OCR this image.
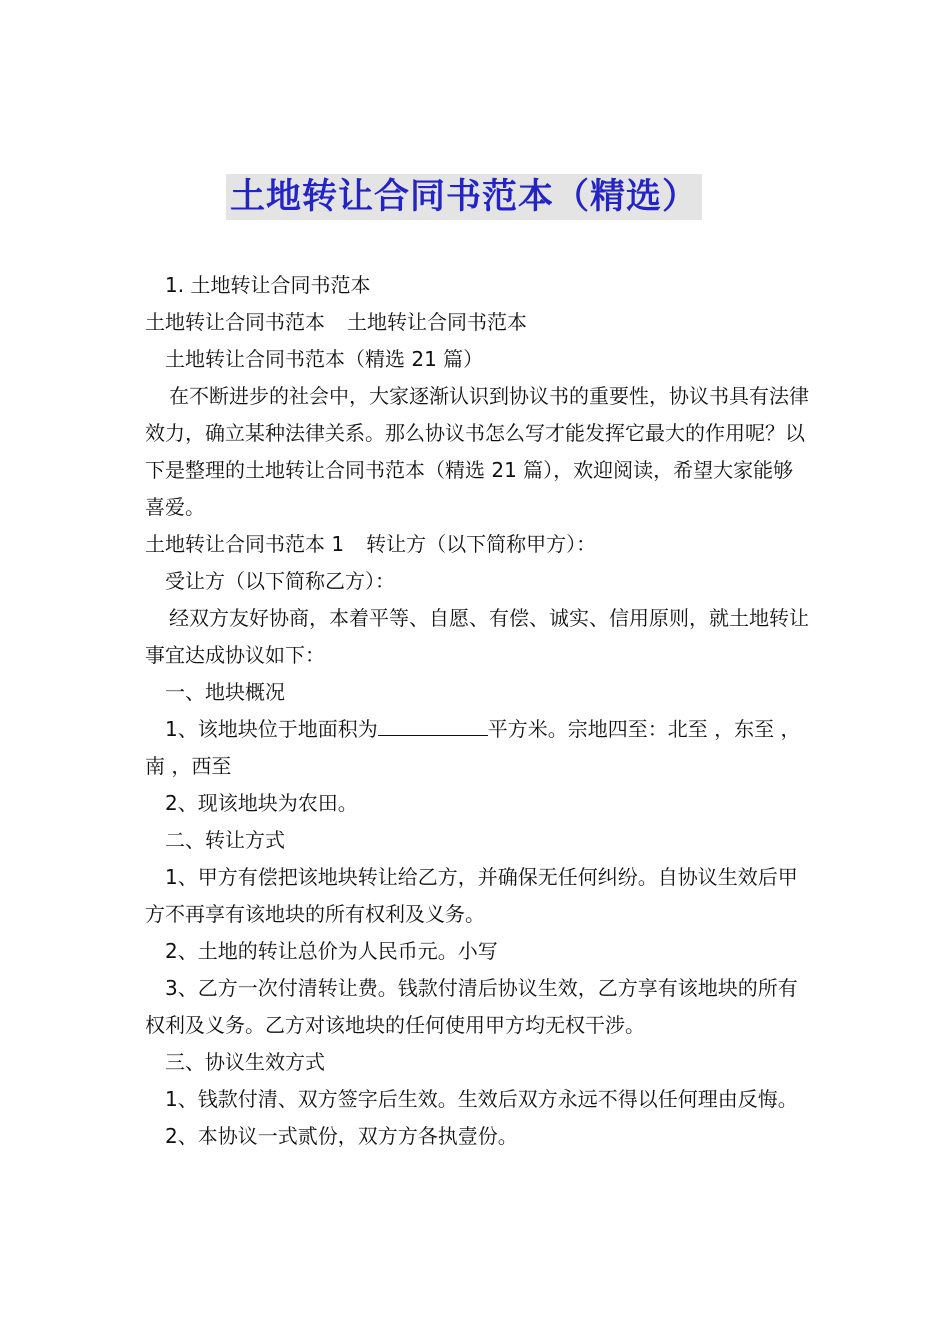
土地转让合同书范本（精选）

1. 土地转让合同书范本

土地转让合同书范本 土地转让合同书范本

土地转让合同书范本（精选 21 篇）

在不断进步的社会中，大家逐渐认识到协议书的重要性，协议书具有法律效力，确立某种法律关系。那么协议书怎么写才能发挥它最大的作用呢？以下是整理的土地转让合同书范本（精选 21 篇），欢迎阅读，希望大家能够喜爱。

土地转让合同书范本 1 转让方（以下简称甲方）：

受让方（以下简称乙方）：

经双方友好协商，本着平等、自愿、有偿、诚实、信用原则，就土地转让事宜达成协议如下：

一、地块概况

1、该地块位于地面积为	平方米。宗地四至：北至 ，东至 ，南 ，西至

2、现该地块为农田。

二、转让方式

1、甲方有偿把该地块转让给乙方，并确保无任何纠纷。自协议生效后甲方不再享有该地块的所有权利及义务。

2、土地的转让总价为人民币元。小写

3、乙方一次付清转让费。钱款付清后协议生效，乙方享有该地块的所有权利及义务。乙方对该地块的任何使用甲方均无权干涉。

三、协议生效方式

1、钱款付清、双方签字后生效。生效后双方永远不得以任何理由反悔。

2、本协议一式贰份，双方方各执壹份。
